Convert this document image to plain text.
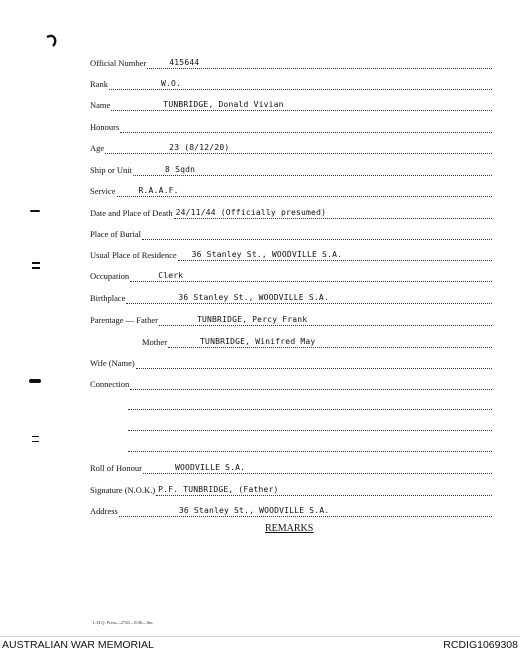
Official Number	415644
Rank	W.O.
Name	TUNBRIDGE, Donald Vivian
Honours
Age	23 (8/12/20)
Ship or Unit	8 Sqdn
Service	R.A.A.F.
Date and Place of Death 24/11/44 (Officially presumed)
Place of Burial
Usual Place of Residence 36 Stanley St., WOODVILLE S.A.
Occupation	Clerk
Birthplace	36 Stanley St., WOODVILLE S.A.
Parentage — Father	TUNBRIDGE, Percy Frank
Mother	TUNBRIDGE, Winifred May
Wife (Name)
Connection
Roll of Honour	WOODVILLE S.A.
Signature (N.O.K.) P.F. TUNBRIDGE, (Father)
Address	36 Stanley St., WOODVILLE S.A.
REMARKS
L.H.Q. Press—2720—8/46—6m.
AUSTRALIAN WAR MEMORIAL	RCDIG1069308
